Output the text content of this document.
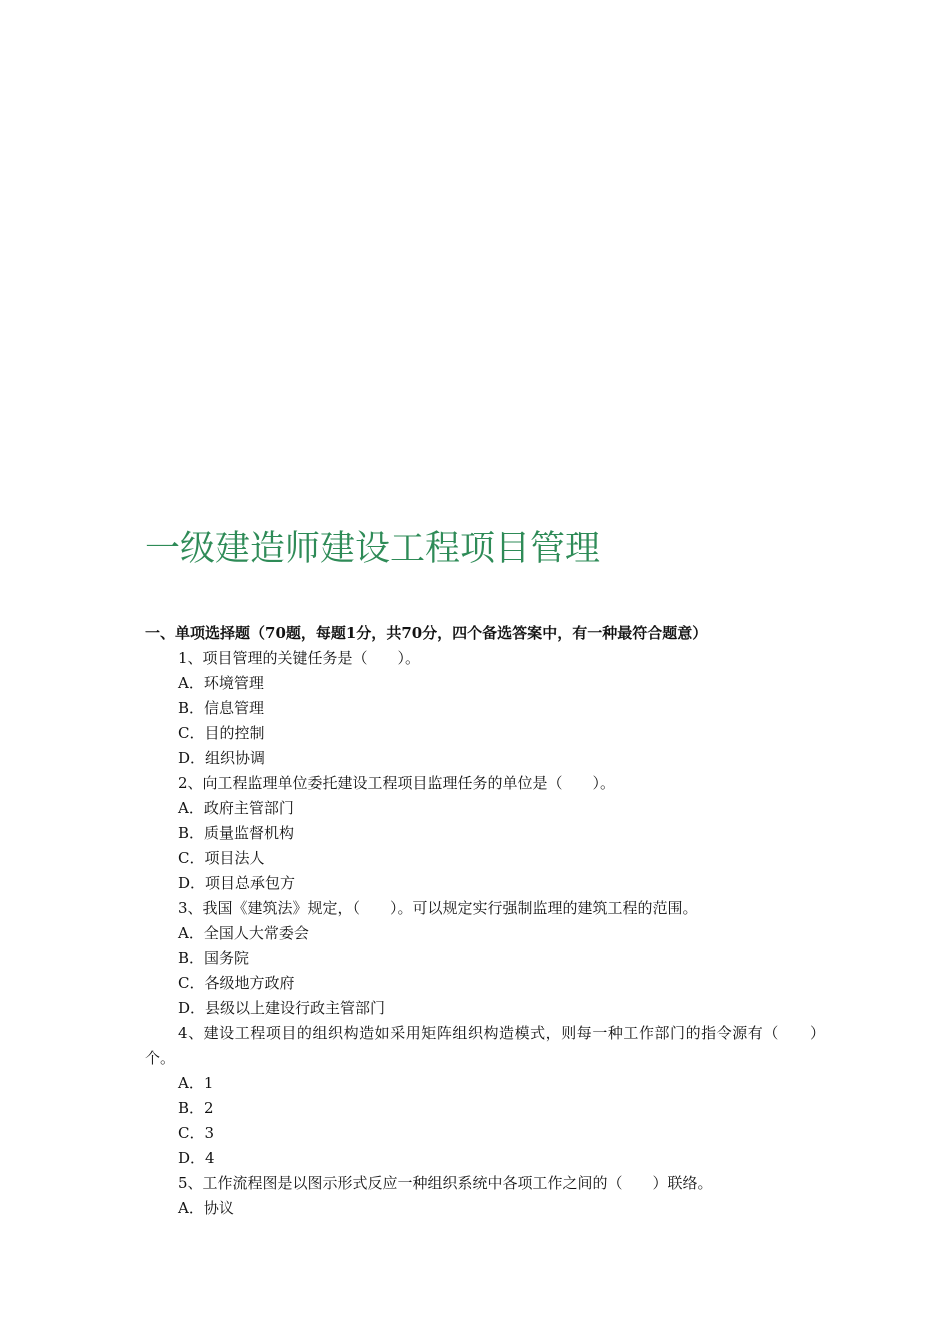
一级建造师建设工程项目管理

一、单项选择题（70题，每题1分，共70分，四个备选答案中，有一种最符合题意）

1、项目管理的关键任务是（　　）。

A．环境管理

B．信息管理

C．目的控制

D．组织协调

2、向工程监理单位委托建设工程项目监理任务的单位是（　　）。

A．政府主管部门

B．质量监督机构

C．项目法人

D．项目总承包方

3、我国《建筑法》规定，（　　）。可以规定实行强制监理的建筑工程的范围。

A．全国人大常委会

B．国务院

C．各级地方政府

D．县级以上建设行政主管部门

4、建设工程项目的组织构造如采用矩阵组织构造模式，则每一种工作部门的指令源有（　　）个。

A．1

B．2

C．3

D．4

5、工作流程图是以图示形式反应一种组织系统中各项工作之间的（　　）联络。

A．协议
